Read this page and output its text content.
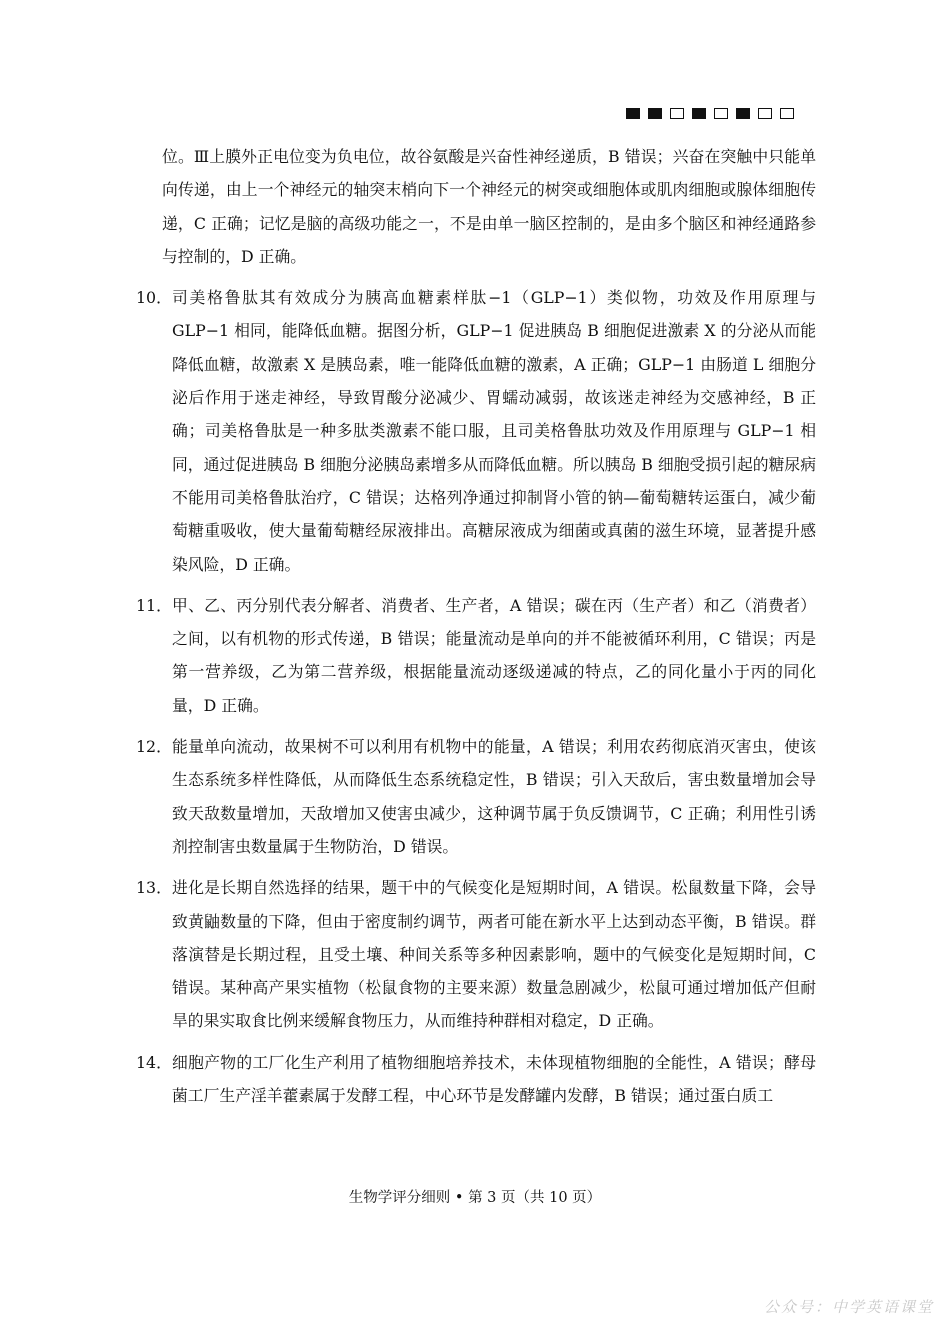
位。Ⅲ上膜外正电位变为负电位，故谷氨酸是兴奋性神经递质，B 错误；兴奋在突触中只能单向传递，由上一个神经元的轴突末梢向下一个神经元的树突或细胞体或肌肉细胞或腺体细胞传递，C 正确；记忆是脑的高级功能之一，不是由单一脑区控制的，是由多个脑区和神经通路参与控制的，D 正确。
10． 司美格鲁肽其有效成分为胰高血糖素样肽−1（GLP−1）类似物，功效及作用原理与 GLP−1 相同，能降低血糖。据图分析，GLP−1 促进胰岛 B 细胞促进激素 X 的分泌从而能降低血糖，故激素 X 是胰岛素，唯一能降低血糖的激素，A 正确；GLP−1 由肠道 L 细胞分泌后作用于迷走神经，导致胃酸分泌减少、胃蠕动减弱，故该迷走神经为交感神经，B 正确；司美格鲁肽是一种多肽类激素不能口服，且司美格鲁肽功效及作用原理与 GLP−1 相同，通过促进胰岛 B 细胞分泌胰岛素增多从而降低血糖。所以胰岛 B 细胞受损引起的糖尿病不能用司美格鲁肽治疗，C 错误；达格列净通过抑制肾小管的钠—葡萄糖转运蛋白，减少葡萄糖重吸收，使大量葡萄糖经尿液排出。高糖尿液成为细菌或真菌的滋生环境，显著提升感染风险，D 正确。
11． 甲、乙、丙分别代表分解者、消费者、生产者，A 错误；碳在丙（生产者）和乙（消费者）之间，以有机物的形式传递，B 错误；能量流动是单向的并不能被循环利用，C 错误；丙是第一营养级，乙为第二营养级，根据能量流动逐级递减的特点，乙的同化量小于丙的同化量，D 正确。
12． 能量单向流动，故果树不可以利用有机物中的能量，A 错误；利用农药彻底消灭害虫，使该生态系统多样性降低，从而降低生态系统稳定性，B 错误；引入天敌后，害虫数量增加会导致天敌数量增加，天敌增加又使害虫减少，这种调节属于负反馈调节，C 正确；利用性引诱剂控制害虫数量属于生物防治，D 错误。
13． 进化是长期自然选择的结果，题干中的气候变化是短期时间，A 错误。松鼠数量下降，会导致黄鼬数量的下降，但由于密度制约调节，两者可能在新水平上达到动态平衡，B 错误。群落演替是长期过程，且受土壤、种间关系等多种因素影响，题中的气候变化是短期时间，C 错误。某种高产果实植物（松鼠食物的主要来源）数量急剧减少，松鼠可通过增加低产但耐旱的果实取食比例来缓解食物压力，从而维持种群相对稳定，D 正确。
14． 细胞产物的工厂化生产利用了植物细胞培养技术，未体现植物细胞的全能性，A 错误；酵母菌工厂生产淫羊藿素属于发酵工程，中心环节是发酵罐内发酵，B 错误；通过蛋白质工
生物学评分细则 • 第 3 页（共 10 页）
公众号：中学英语课堂
